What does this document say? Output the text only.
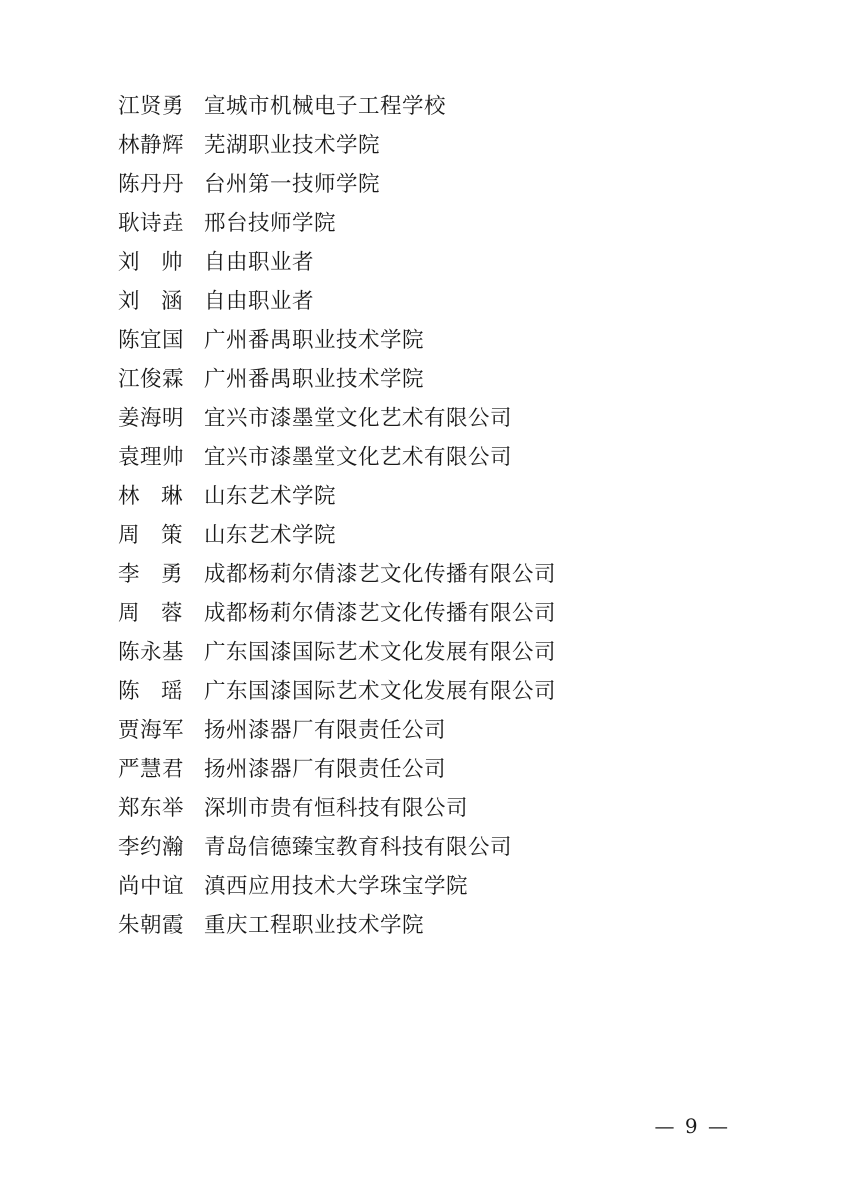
江贤勇 宣城市机械电子工程学校
林静辉 芜湖职业技术学院
陈丹丹 台州第一技师学院
耿诗垚 邢台技师学院
刘　帅 自由职业者
刘　涵 自由职业者
陈宜国 广州番禺职业技术学院
江俊霖 广州番禺职业技术学院
姜海明 宜兴市漆墨堂文化艺术有限公司
袁理帅 宜兴市漆墨堂文化艺术有限公司
林　琳 山东艺术学院
周　策 山东艺术学院
李　勇 成都杨莉尔倩漆艺文化传播有限公司
周　蓉 成都杨莉尔倩漆艺文化传播有限公司
陈永基 广东国漆国际艺术文化发展有限公司
陈　瑶 广东国漆国际艺术文化发展有限公司
贾海军 扬州漆器厂有限责任公司
严慧君 扬州漆器厂有限责任公司
郑东举 深圳市贵有恒科技有限公司
李约瀚 青岛信德臻宝教育科技有限公司
尚中谊 滇西应用技术大学珠宝学院
朱朝霞 重庆工程职业技术学院
— 9 —
